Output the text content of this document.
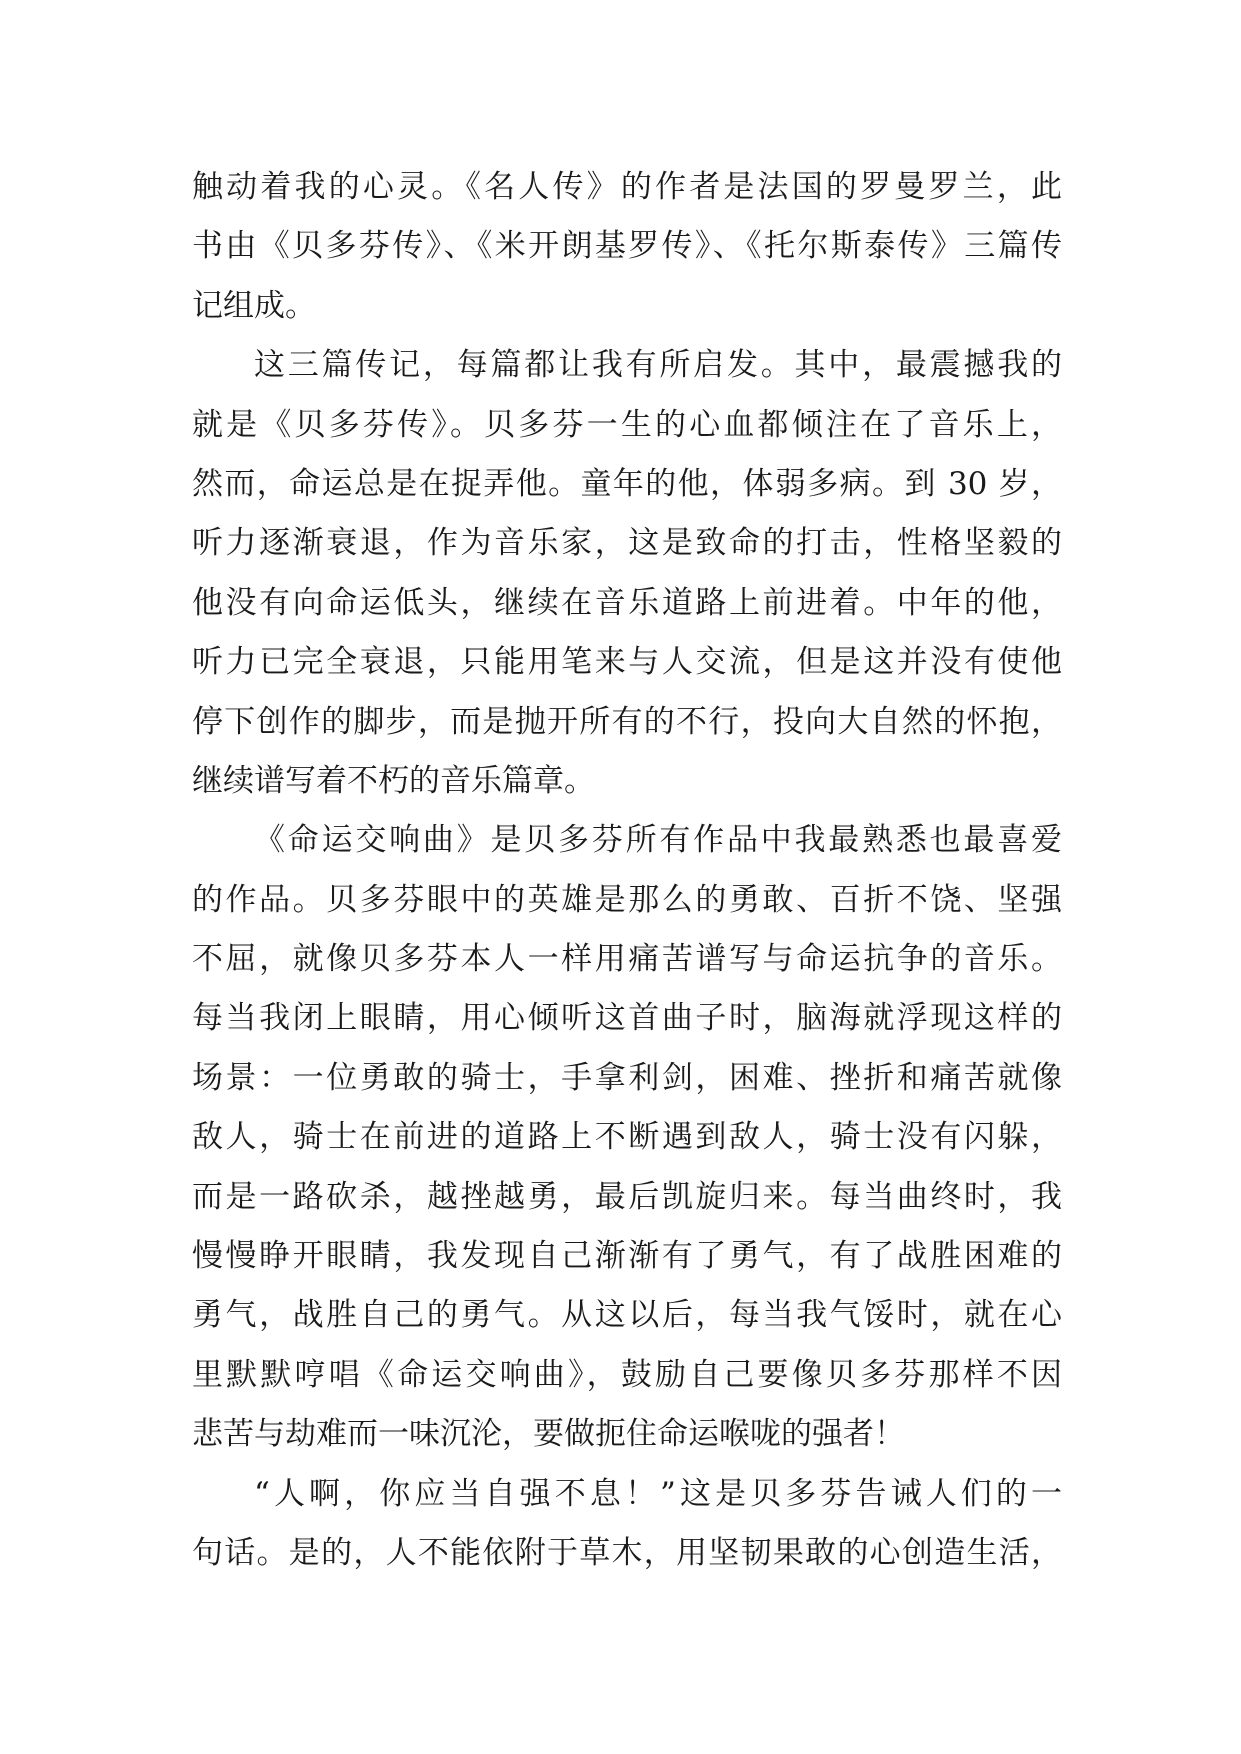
触动着我的心灵。《名人传》的作者是法国的罗曼罗兰，此
书由《贝多芬传》、《米开朗基罗传》、《托尔斯泰传》三篇传
记组成。
这三篇传记，每篇都让我有所启发。其中，最震撼我的
就是《贝多芬传》。贝多芬一生的心血都倾注在了音乐上，
然而，命运总是在捉弄他。童年的他，体弱多病。到 30 岁，
听力逐渐衰退，作为音乐家，这是致命的打击，性格坚毅的
他没有向命运低头，继续在音乐道路上前进着。中年的他，
听力已完全衰退，只能用笔来与人交流，但是这并没有使他
停下创作的脚步，而是抛开所有的不行，投向大自然的怀抱，
继续谱写着不朽的音乐篇章。
《命运交响曲》是贝多芬所有作品中我最熟悉也最喜爱
的作品。贝多芬眼中的英雄是那么的勇敢、百折不饶、坚强
不屈，就像贝多芬本人一样用痛苦谱写与命运抗争的音乐。
每当我闭上眼睛，用心倾听这首曲子时，脑海就浮现这样的
场景：一位勇敢的骑士，手拿利剑，困难、挫折和痛苦就像
敌人，骑士在前进的道路上不断遇到敌人，骑士没有闪躲，
而是一路砍杀，越挫越勇，最后凯旋归来。每当曲终时，我
慢慢睁开眼睛，我发现自己渐渐有了勇气，有了战胜困难的
勇气，战胜自己的勇气。从这以后，每当我气馁时，就在心
里默默哼唱《命运交响曲》，鼓励自己要像贝多芬那样不因
悲苦与劫难而一味沉沦，要做扼住命运喉咙的强者！
“人啊，你应当自强不息！”这是贝多芬告诫人们的一
句话。是的，人不能依附于草木，用坚韧果敢的心创造生活，
